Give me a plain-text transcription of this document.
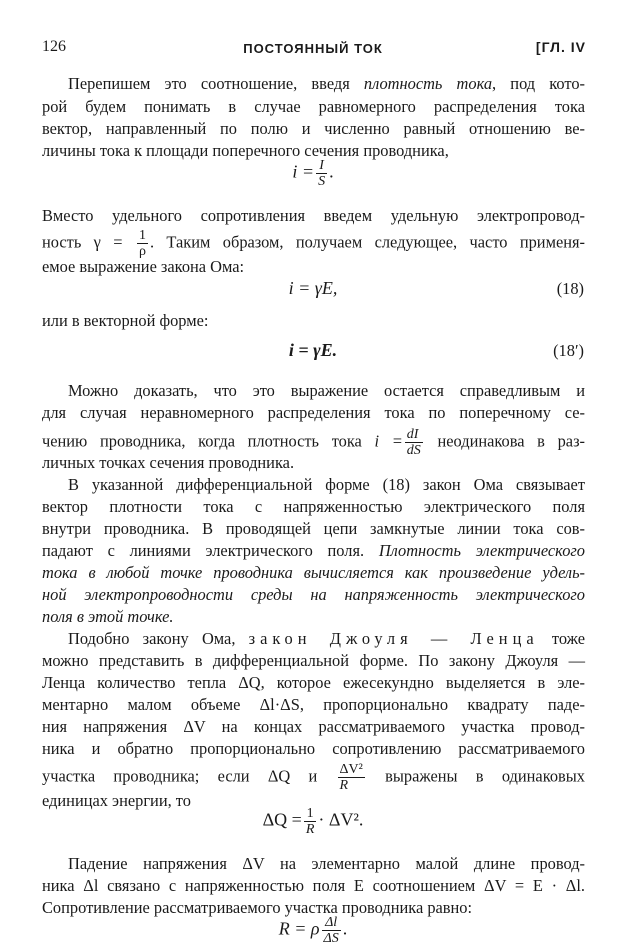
126	ПОСТОЯННЫЙ ТОК	[ГЛ. IV
Перепишем это соотношение, введя плотность тока, под кото-
рой будем понимать в случае равномерного распределения тока
вектор, направленный по полю и численно равный отношению ве-
личины тока к площади поперечного сечения проводника,
$i = \frac{I}{S}$ .
Вместо удельного сопротивления введем удельную электропровод-
ность $\gamma = \frac{1}{\rho}$ . Таким образом, получаем следующее, часто применя-
емое выражение закона Ома:
i = γE,	(18)
или в векторной форме:
i = γE.	(18′)
Можно доказать, что это выражение остается справедливым и
для случая неравномерного распределения тока по поперечному се-
чению проводника, когда плотность тока $i = \frac{dI}{dS}$ неодинакова в раз-
личных точках сечения проводника.
В указанной дифференциальной форме (18) закон Ома связывает
вектор плотности тока с напряженностью электрического поля
внутри проводника. В проводящей цепи замкнутые линии тока сов-
падают с линиями электрического поля. Плотность электрического
тока в любой точке проводника вычисляется как произведение удель-
ной электропроводности среды на напряженность электрического
поля в этой точке.
Подобно закону Ома, закон Джоуля — Ленца тоже
можно представить в дифференциальной форме. По закону Джоуля —
Ленца количество тепла ΔQ, которое ежесекундно выделяется в эле-
ментарно малом объеме Δl·ΔS, пропорционально квадрату паде-
ния напряжения ΔV на концах рассматриваемого участка провод-
ника и обратно пропорционально сопротивлению рассматриваемого
участка проводника; если ΔQ и $\frac{\text{ΔV²}}{R}$ выражены в одинаковых
единицах энергии, то
$\Delta Q = \frac{1}{R} \cdot \Delta V^2$.
Падение напряжения ΔV на элементарно малой длине провод-
ника Δl связано с напряженностью поля E соотношением ΔV = E · Δl.
Сопротивление рассматриваемого участка проводника равно:
R = ρ $\frac{\Delta l}{\Delta S}$ .
